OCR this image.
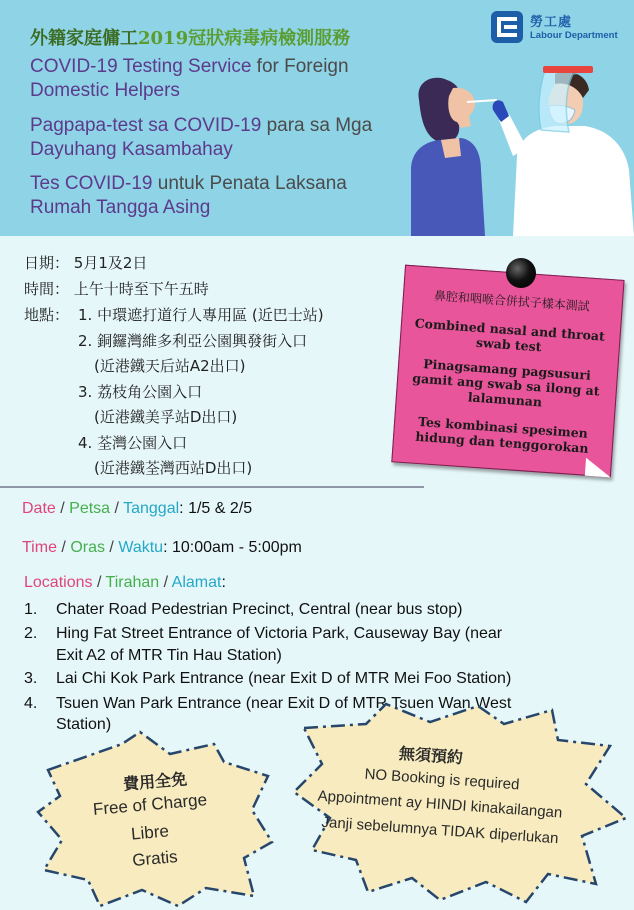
外籍家庭傭工2019冠狀病毒病檢測服務
COVID-19 Testing Service for Foreign
Domestic Helpers
Pagpapa-test sa COVID-19 para sa Mga
Dayuhang Kasambahay
Tes COVID-19 untuk Penata Laksana
Rumah Tangga Asing
勞工處
Labour Department
日期： 5月1及2日
時間： 上午十時至下午五時
地點： 1. 中環遮打道行人專用區 (近巴士站)
2. 銅鑼灣維多利亞公園興發街入口
(近港鐵天后站A2出口)
3. 荔枝角公園入口
(近港鐵美孚站D出口)
4. 荃灣公園入口
(近港鐵荃灣西站D出口)
鼻腔和咽喉合併拭子樣本測試
Combined nasal and throat swab test
Pinagsamang pagsusuri gamit ang swab sa ilong at lalamunan
Tes kombinasi spesimen hidung dan tenggorokan
Date / Petsa / Tanggal: 1/5 & 2/5
Time / Oras / Waktu: 10:00am - 5:00pm
Locations / Tirahan / Alamat:
1. Chater Road Pedestrian Precinct, Central (near bus stop)
2. Hing Fat Street Entrance of Victoria Park, Causeway Bay (near
Exit A2 of MTR Tin Hau Station)
3. Lai Chi Kok Park Entrance (near Exit D of MTR Mei Foo Station)
4. Tsuen Wan Park Entrance (near Exit D of MTR Tsuen Wan West
Station)
費用全免
Free of Charge
Libre
Gratis
無須預約
NO Booking is required
Appointment ay HINDI kinakailangan
Janji sebelumnya TIDAK diperlukan
